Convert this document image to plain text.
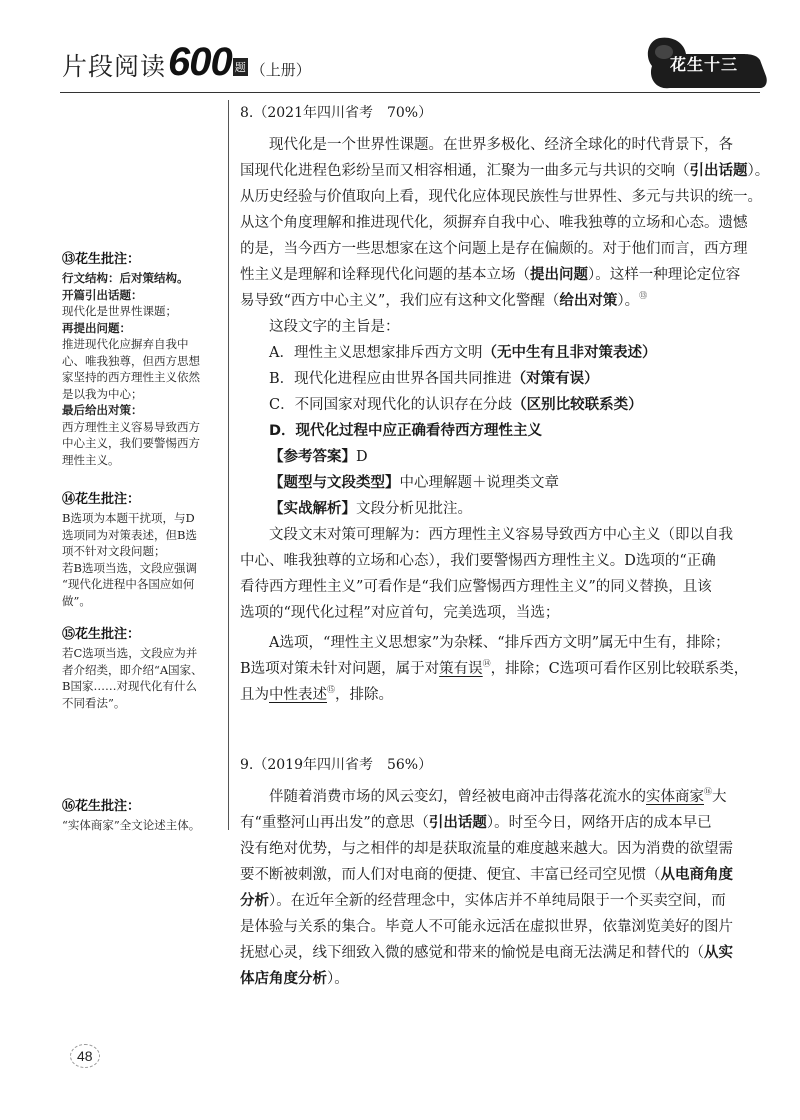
片段阅读 600 题 （上册）	花生十三
⑬花生批注：
行文结构：后对策结构。
开篇引出话题：
现代化是世界性课题；
再提出问题：
推进现代化应摒弃自我中
心、唯我独尊，但西方思想
家坚持的西方理性主义依然
是以我为中心；
最后给出对策：
西方理性主义容易导致西方
中心主义，我们要警惕西方
理性主义。
⑭花生批注：
B选项为本题干扰项，与D
选项同为对策表述，但B选
项不针对文段问题；
若B选项当选，文段应强调
“现代化进程中各国应如何
做”。
⑮花生批注：
若C选项当选，文段应为并
者介绍类，即介绍“A国家、
B国家……对现代化有什么
不同看法”。
⑯花生批注：
“实体商家”全文论述主体。
8.（2021年四川省考　70%）
现代化是一个世界性课题。在世界多极化、经济全球化的时代背景下，各
国现代化进程色彩纷呈而又相容相通，汇聚为一曲多元与共识的交响（引出话题）。
从历史经验与价值取向上看，现代化应体现民族性与世界性、多元与共识的统一。
从这个角度理解和推进现代化，须摒弃自我中心、唯我独尊的立场和心态。遗憾
的是，当今西方一些思想家在这个问题上是存在偏颇的。对于他们而言，西方理
性主义是理解和诠释现代化问题的基本立场（提出问题）。这样一种理论定位容
易导致“西方中心主义”，我们应有这种文化警醒（给出对策）。⑬
这段文字的主旨是：
A．理性主义思想家排斥西方文明（无中生有且非对策表述）
B．现代化进程应由世界各国共同推进（对策有误）
C．不同国家对现代化的认识存在分歧（区别比较联系类）
D．现代化过程中应正确看待西方理性主义
【参考答案】D
【题型与文段类型】中心理解题＋说理类文章
【实战解析】文段分析见批注。
文段文末对策可理解为：西方理性主义容易导致西方中心主义（即以自我
中心、唯我独尊的立场和心态），我们要警惕西方理性主义。D选项的“正确
看待西方理性主义”可看作是“我们应警惕西方理性主义”的同义替换，且该
选项的“现代化过程”对应首句，完美选项，当选；
A选项，“理性主义思想家”为杂糅、“排斥西方文明”属无中生有，排除；
B选项对策未针对问题，属于对策有误⑭，排除；C选项可看作区别比较联系类，
且为中性表述⑮，排除。
9.（2019年四川省考　56%）
伴随着消费市场的风云变幻，曾经被电商冲击得落花流水的实体商家⑯大
有“重整河山再出发”的意思（引出话题）。时至今日，网络开店的成本早已
没有绝对优势，与之相伴的却是获取流量的难度越来越大。因为消费的欲望需
要不断被刺激，而人们对电商的便捷、便宜、丰富已经司空见惯（从电商角度
分析）。在近年全新的经营理念中，实体店并不单纯局限于一个买卖空间，而
是体验与关系的集合。毕竟人不可能永远活在虚拟世界，依靠浏览美好的图片
抚慰心灵，线下细致入微的感觉和带来的愉悦是电商无法满足和替代的（从实
体店角度分析）。
48
